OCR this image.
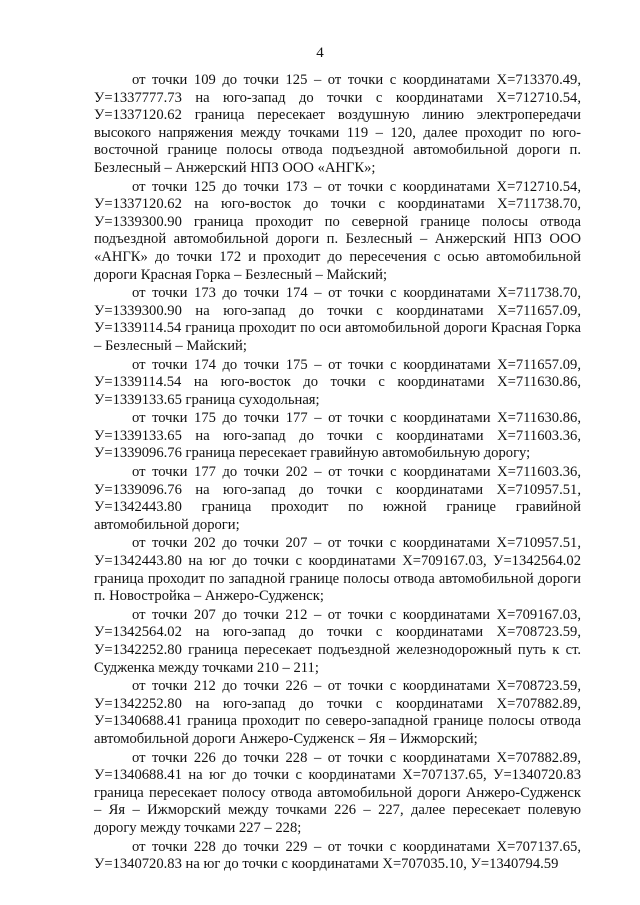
4

от точки 109 до точки 125 – от точки с координатами Х=713370.49, У=1337777.73 на юго-запад до точки с координатами Х=712710.54, У=1337120.62 граница пересекает воздушную линию электропередачи высокого напряжения между точками 119 – 120, далее проходит по юго-восточной границе полосы отвода подъездной автомобильной дороги п. Безлесный – Анжерский НПЗ ООО «АНГК»;

от точки 125 до точки 173 – от точки с координатами Х=712710.54, У=1337120.62 на юго-восток до точки с координатами Х=711738.70, У=1339300.90 граница проходит по северной границе полосы отвода подъездной автомобильной дороги п. Безлесный – Анжерский НПЗ ООО «АНГК» до точки 172 и проходит до пересечения с осью автомобильной дороги Красная Горка – Безлесный – Майский;

от точки 173 до точки 174 – от точки с координатами Х=711738.70, У=1339300.90 на юго-запад до точки с координатами Х=711657.09, У=1339114.54 граница проходит по оси автомобильной дороги Красная Горка – Безлесный – Майский;

от точки 174 до точки 175 – от точки с координатами Х=711657.09, У=1339114.54 на юго-восток до точки с координатами Х=711630.86, У=1339133.65 граница суходольная;

от точки 175 до точки 177 – от точки с координатами Х=711630.86, У=1339133.65 на юго-запад до точки с координатами Х=711603.36, У=1339096.76 граница пересекает гравийную автомобильную дорогу;

от точки 177 до точки 202 – от точки с координатами Х=711603.36, У=1339096.76 на юго-запад до точки с координатами Х=710957.51, У=1342443.80 граница проходит по южной границе гравийной автомобильной дороги;

от точки 202 до точки 207 – от точки с координатами Х=710957.51, У=1342443.80 на юг до точки с координатами Х=709167.03, У=1342564.02 граница проходит по западной границе полосы отвода автомобильной дороги п. Новостройка – Анжеро-Судженск;

от точки 207 до точки 212 – от точки с координатами Х=709167.03, У=1342564.02 на юго-запад до точки с координатами Х=708723.59, У=1342252.80 граница пересекает подъездной железнодорожный путь к ст. Судженка между точками 210 – 211;

от точки 212 до точки 226 – от точки с координатами Х=708723.59, У=1342252.80 на юго-запад до точки с координатами Х=707882.89, У=1340688.41 граница проходит по северо-западной границе полосы отвода автомобильной дороги Анжеро-Судженск – Яя – Ижморский;

от точки 226 до точки 228 – от точки с координатами Х=707882.89, У=1340688.41 на юг до точки с координатами Х=707137.65, У=1340720.83 граница пересекает полосу отвода автомобильной дороги Анжеро-Судженск – Яя – Ижморский между точками 226 – 227, далее пересекает полевую дорогу между точками 227 – 228;

от точки 228 до точки 229 – от точки с координатами Х=707137.65, У=1340720.83 на юг до точки с координатами Х=707035.10, У=1340794.59
